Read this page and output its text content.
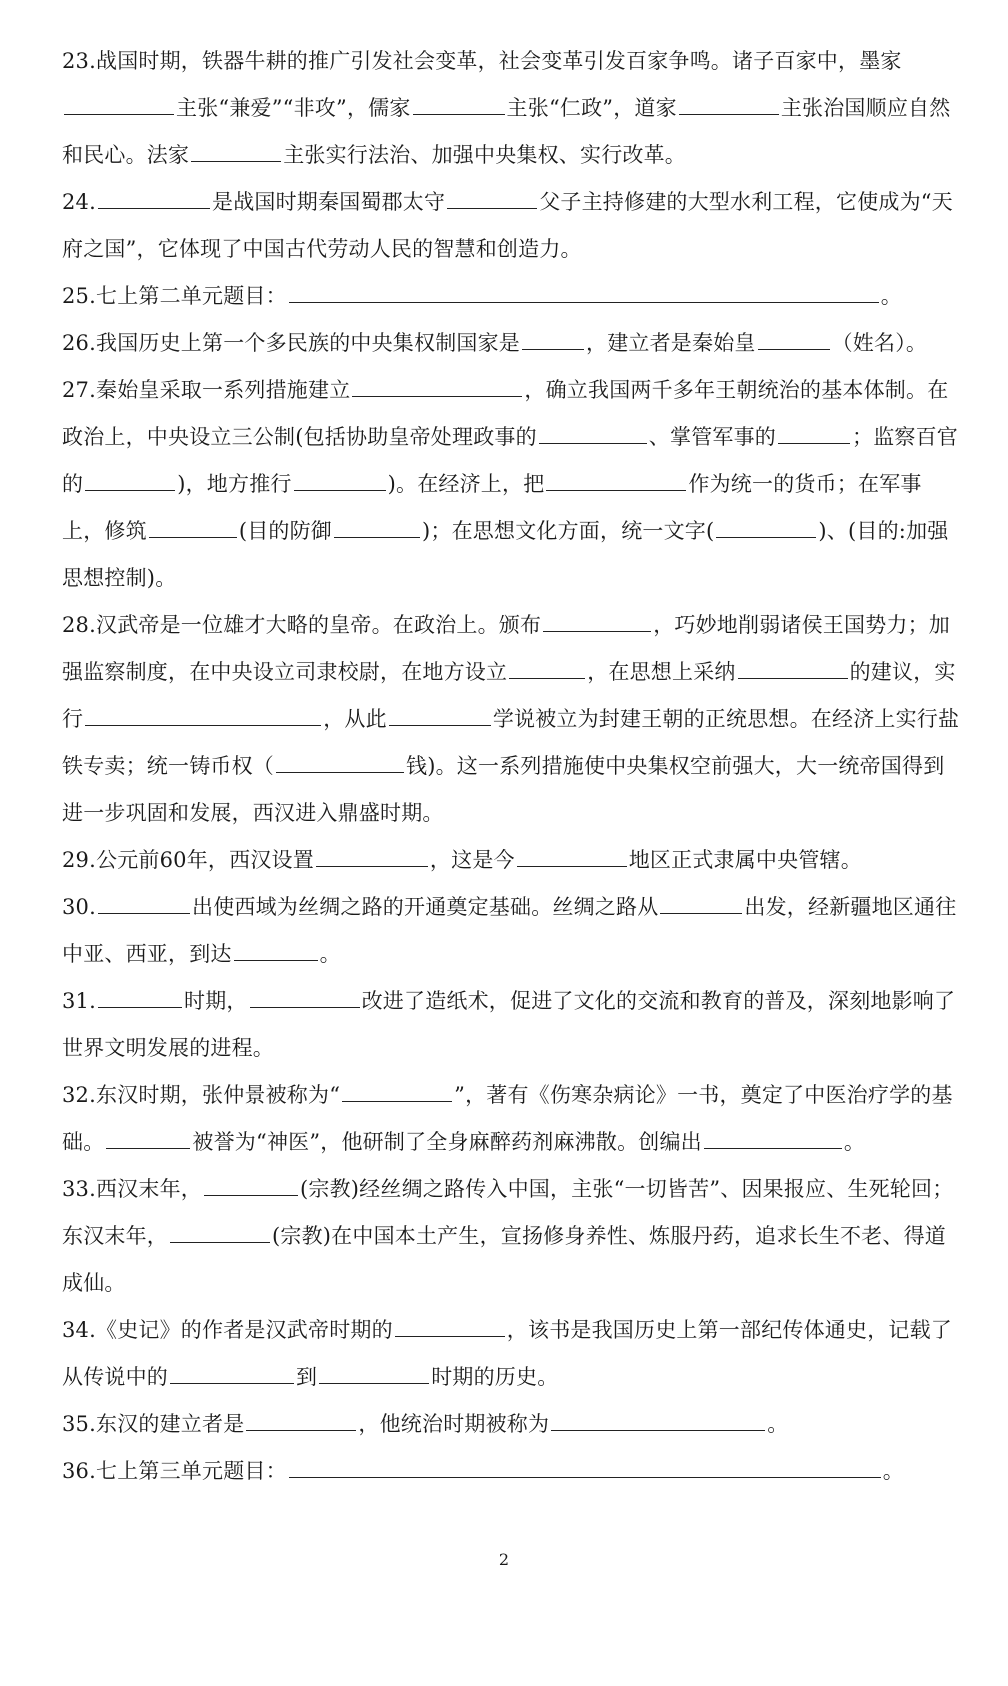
23.战国时期，铁器牛耕的推广引发社会变革，社会变革引发百家争鸣。诸子百家中，墨家主张“兼爱”“非攻”，儒家	主张“仁政”，道家	主张治国顺应自然和民心。法家	主张实行法治、加强中央集权、实行改革。

24.	是战国时期秦国蜀郡太守	父子主持修建的大型水利工程，它使成为“天府之国”，它体现了中国古代劳动人民的智慧和创造力。

25.七上第二单元题目：	。

26.我国历史上第一个多民族的中央集权制国家是	，建立者是秦始皇	（姓名）。

27.秦始皇采取一系列措施建立	，确立我国两千多年王朝统治的基本体制。在政治上，中央设立三公制(包括协助皇帝处理政事的	、掌管军事的	；监察百官的	)，地方推行	)。在经济上，把	作为统一的货币；在军事上，修筑	(目的防御	)；在思想文化方面，统一文字(	)、(目的:加强思想控制)。

28.汉武帝是一位雄才大略的皇帝。在政治上。颁布	，巧妙地削弱诸侯王国势力；加强监察制度，在中央设立司隶校尉，在地方设立	，在思想上采纳	的建议，实行	，从此	学说被立为封建王朝的正统思想。在经济上实行盐铁专卖；统一铸币权（	钱)。这一系列措施使中央集权空前强大，大一统帝国得到进一步巩固和发展，西汉进入鼎盛时期。

29.公元前60年，西汉设置	，这是今	地区正式隶属中央管辖。

30.	出使西域为丝绸之路的开通奠定基础。丝绸之路从	出发，经新疆地区通往中亚、西亚，到达	。

31.	时期，	改进了造纸术，促进了文化的交流和教育的普及，深刻地影响了世界文明发展的进程。

32.东汉时期，张仲景被称为“	”，著有《伤寒杂病论》一书，奠定了中医治疗学的基础。	被誉为“神医”，他研制了全身麻醉药剂麻沸散。创编出	。

33.西汉末年，	(宗教)经丝绸之路传入中国，主张“一切皆苦”、因果报应、生死轮回；东汉末年，	(宗教)在中国本土产生，宣扬修身养性、炼服丹药，追求长生不老、得道成仙。

34.《史记》的作者是汉武帝时期的	，该书是我国历史上第一部纪传体通史，记载了从传说中的	到	时期的历史。

35.东汉的建立者是	，他统治时期被称为	。

36.七上第三单元题目：	。

2
